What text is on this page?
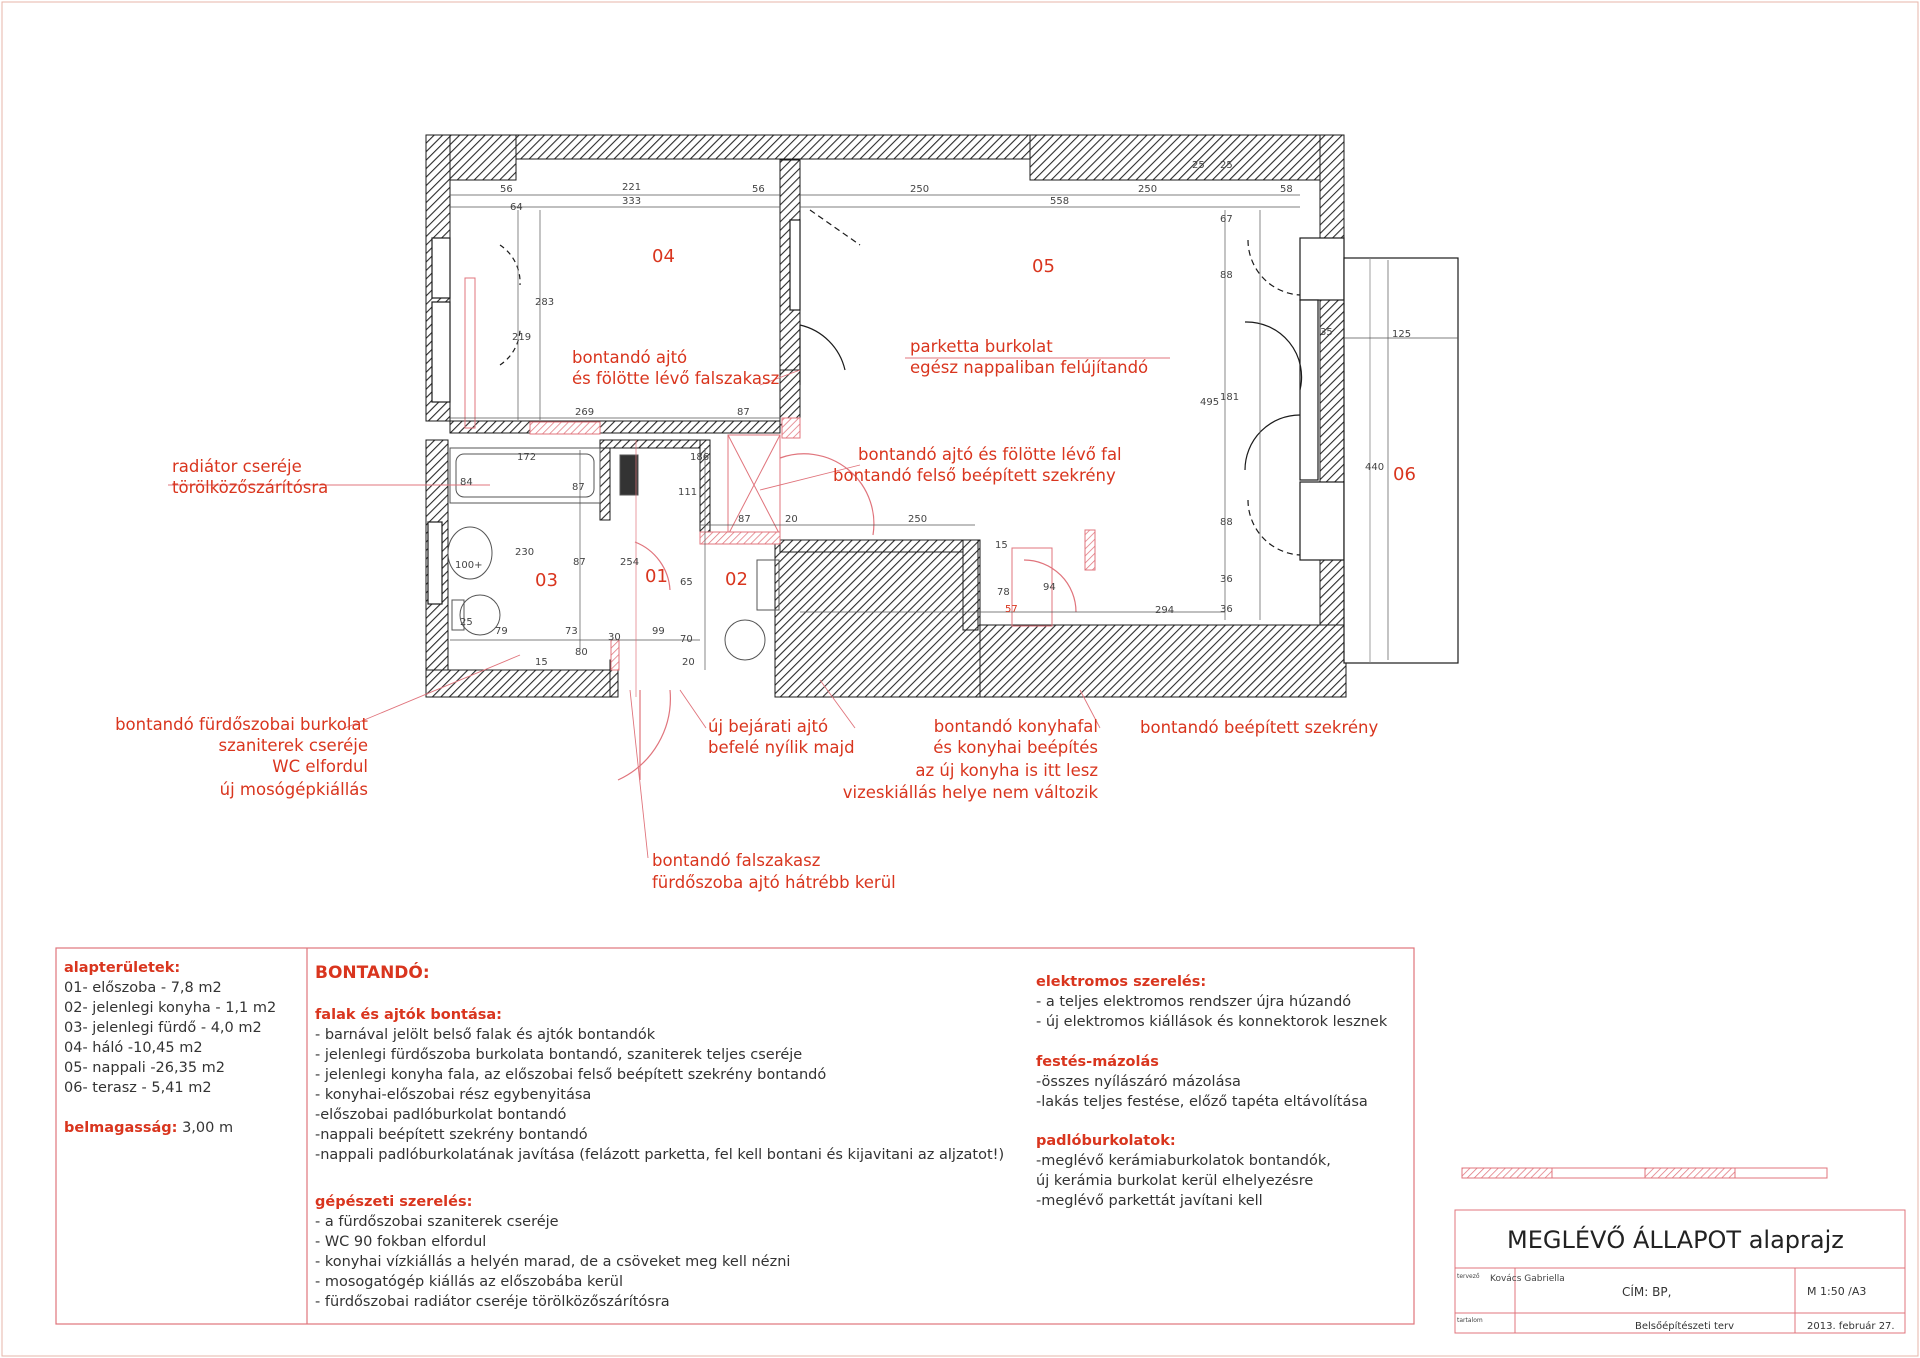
04	05
03	01	02
06
56	221	56
333
250	250	58
558
25 25
64
283
219
269	87
172
84	87
230
100+	87	254
186
111
65
79	73	99
70
80
30
25
15	20
87	20	250
15
78	94
57	294
36
36
88
181
88
67
495
35	125
440
parketta burkolat
egész nappaliban felújítandó
bontandó ajtó
és fölötte lévő falszakasz
bontandó ajtó és fölötte lévő fal
bontandó felső beépített szekrény
radiátor cseréje
törölközőszárítósra
bontandó fürdőszobai burkolat
szaniterek cseréje
WC elfordul
új mosógépkiállás
új bejárati ajtó
befelé nyílik majd
bontandó konyhafal
és konyhai beépítés
az új konyha is itt lesz
vizeskiállás helye nem változik
bontandó beépített szekrény
bontandó falszakasz
fürdőszoba ajtó hátrébb kerül
alapterületek:
01- előszoba - 7,8 m2
02- jelenlegi konyha - 1,1 m2
03- jelenlegi fürdő - 4,0 m2
04- háló -10,45 m2
05- nappali -26,35 m2
06- terasz - 5,41 m2
belmagasság: 3,00 m
BONTANDÓ:
falak és ajtók bontása:
- barnával jelölt belső falak és ajtók bontandók
- jelenlegi fürdőszoba burkolata bontandó, szaniterek teljes cseréje
- jelenlegi konyha fala, az előszobai felső beépített szekrény bontandó
- konyhai-előszobai rész egybenyitása
-előszobai padlóburkolat bontandó
-nappali beépített szekrény bontandó
-nappali padlóburkolatának javítása (felázott parketta, fel kell bontani és kijavitani az aljzatot!)
gépészeti szerelés:
- a fürdőszobai szaniterek cseréje
- WC 90 fokban elfordul
- konyhai vízkiállás a helyén marad, de a csöveket meg kell nézni
- mosogatógép kiállás az előszobába kerül
- fürdőszobai radiátor cseréje törölközőszárítósra
elektromos szerelés:
- a teljes elektromos rendszer újra húzandó
- új elektromos kiállások és konnektorok lesznek
festés-mázolás
-összes nyílászáró mázolása
-lakás teljes festése, előző tapéta eltávolítása
padlóburkolatok:
-meglévő kerámiaburkolatok bontandók,
új kerámia burkolat kerül elhelyezésre
-meglévő parkettát javítani kell
MEGLÉVŐ ÁLLAPOT alaprajz
tervező Kovács Gabriella
CÍM: BP,	M 1:50 /A3
tartalom
Belsőépítészeti terv	2013. február 27.
